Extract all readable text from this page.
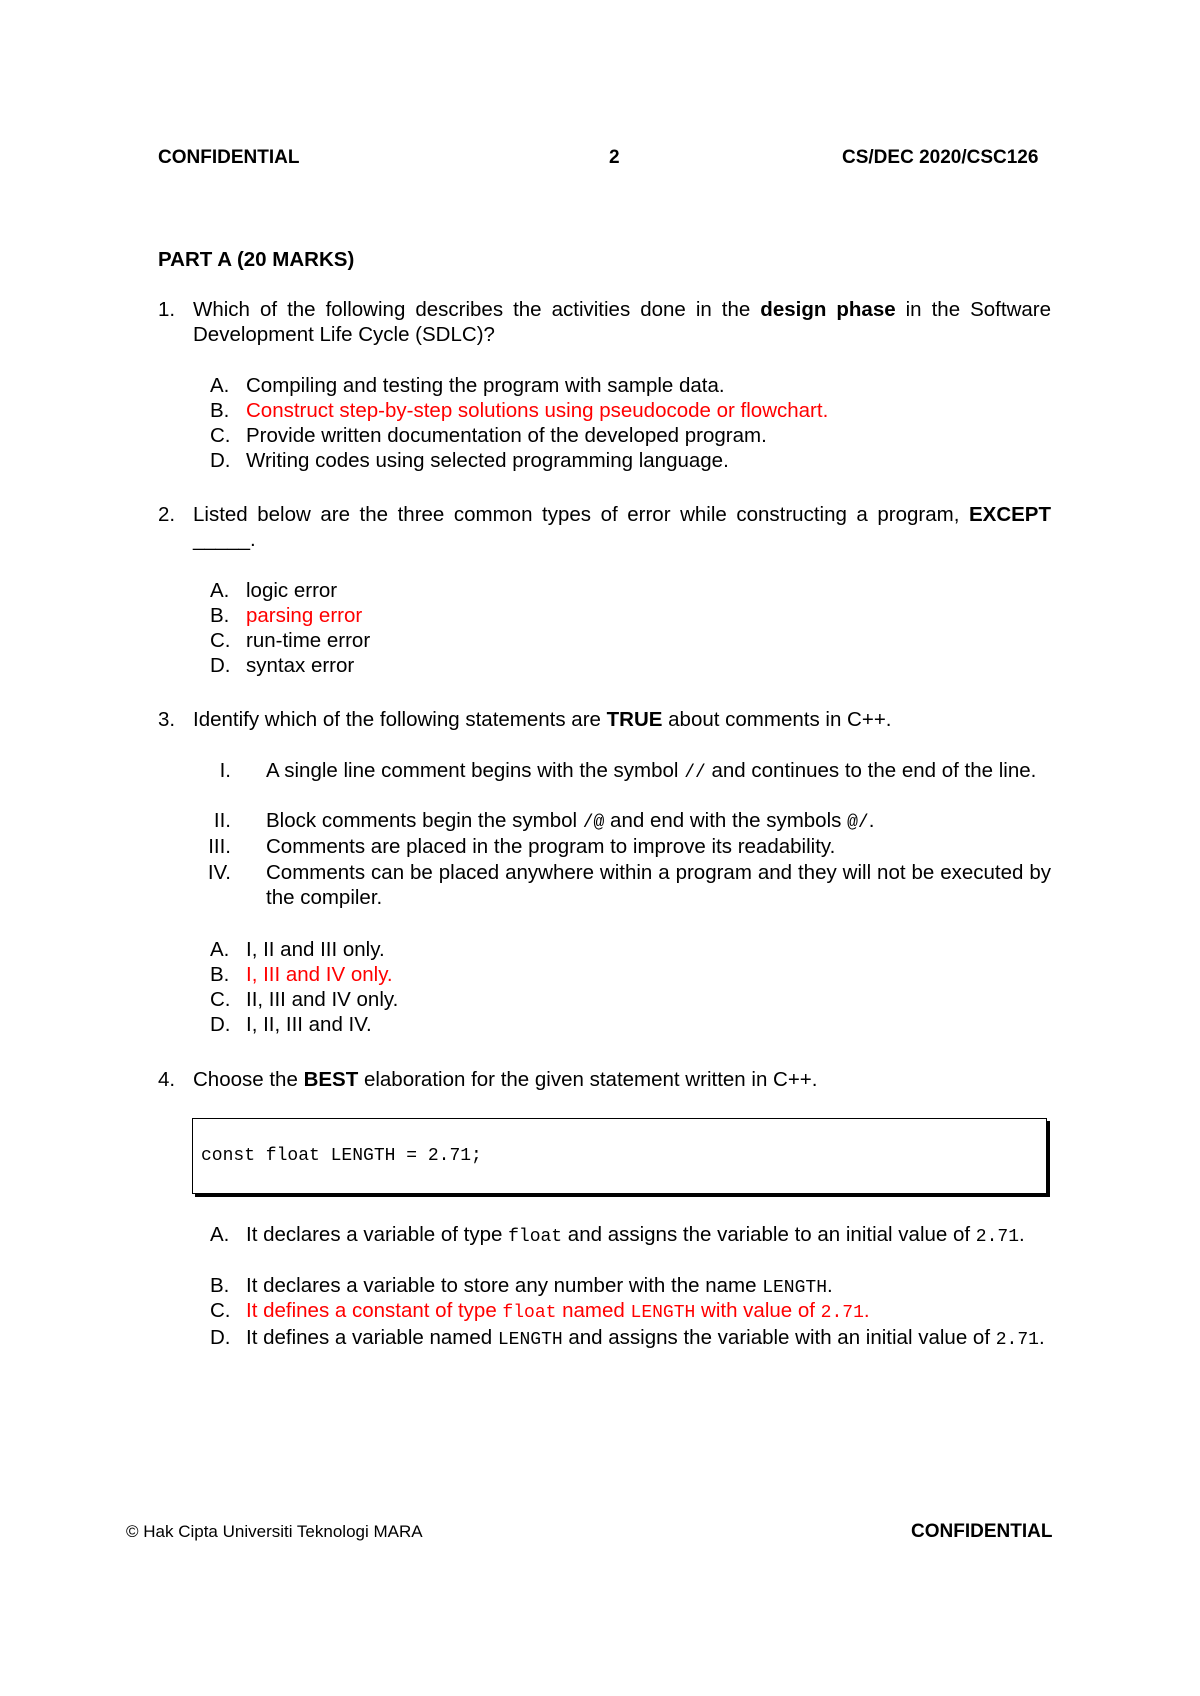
CONFIDENTIAL	2	CS/DEC 2020/CSC126
PART A (20 MARKS)
1. Which of the following describes the activities done in the design phase in the Software Development Life Cycle (SDLC)?
A. Compiling and testing the program with sample data.
B. Construct step-by-step solutions using pseudocode or flowchart.
C. Provide written documentation of the developed program.
D. Writing codes using selected programming language.
2. Listed below are the three common types of error while constructing a program, EXCEPT _____.
A. logic error
B. parsing error
C. run-time error
D. syntax error
3. Identify which of the following statements are TRUE about comments in C++.
I. A single line comment begins with the symbol // and continues to the end of the line.
II. Block comments begin the symbol /@ and end with the symbols @/.
III. Comments are placed in the program to improve its readability.
IV. Comments can be placed anywhere within a program and they will not be executed by the compiler.
A. I, II and III only.
B. I, III and IV only.
C. II, III and IV only.
D. I, II, III and IV.
4. Choose the BEST elaboration for the given statement written in C++.
const float LENGTH = 2.71;
A. It declares a variable of type float and assigns the variable to an initial value of 2.71.
B. It declares a variable to store any number with the name LENGTH.
C. It defines a constant of type float named LENGTH with value of 2.71.
D. It defines a variable named LENGTH and assigns the variable with an initial value of 2.71.
© Hak Cipta Universiti Teknologi MARA	CONFIDENTIAL
